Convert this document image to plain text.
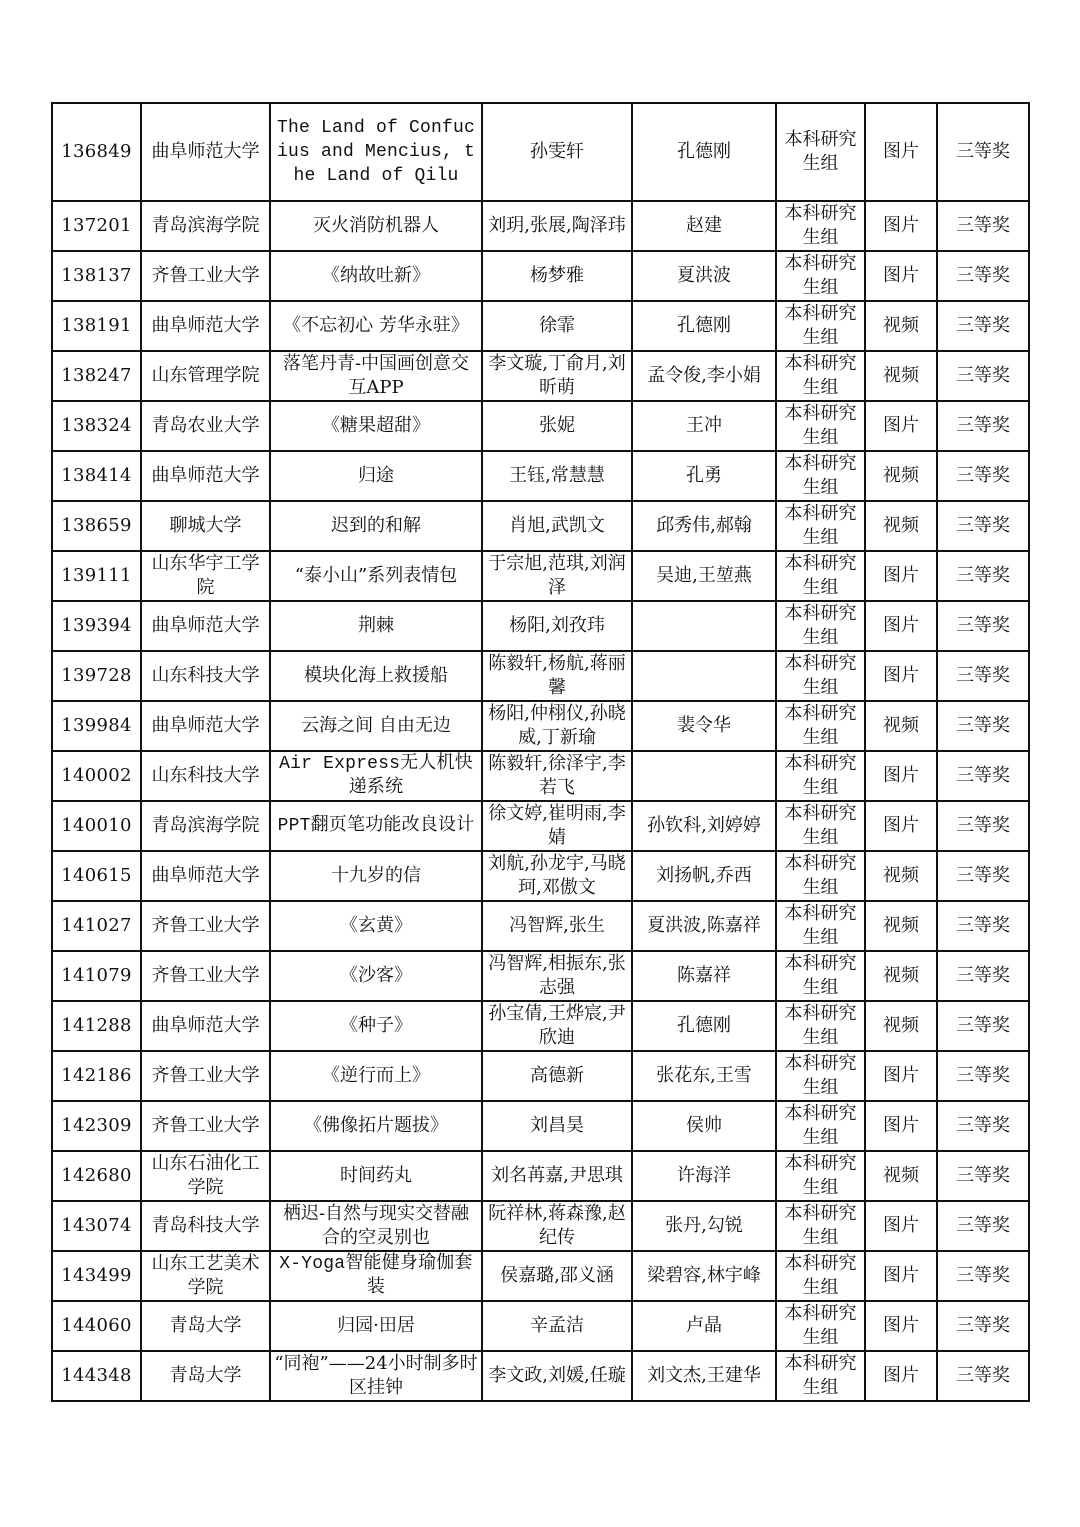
136849	曲阜师范大学	The Land of Confucius and Mencius, the Land of Qilu	孙雯轩	孔德刚	本科研究生组	图片	三等奖
137201	青岛滨海学院	灭火消防机器人	刘玥,张展,陶泽玮	赵建	本科研究生组	图片	三等奖
138137	齐鲁工业大学	《纳故吐新》	杨梦雅	夏洪波	本科研究生组	图片	三等奖
138191	曲阜师范大学	《不忘初心 芳华永驻》	徐霏	孔德刚	本科研究生组	视频	三等奖
138247	山东管理学院	落笔丹青-中国画创意交互APP	李文璇,丁俞月,刘昕萌	孟令俊,李小娟	本科研究生组	视频	三等奖
138324	青岛农业大学	《糖果超甜》	张妮	王冲	本科研究生组	图片	三等奖
138414	曲阜师范大学	归途	王钰,常慧慧	孔勇	本科研究生组	视频	三等奖
138659	聊城大学	迟到的和解	肖旭,武凯文	邱秀伟,郝翰	本科研究生组	视频	三等奖
139111	山东华宇工学院	“泰小山”系列表情包	于宗旭,范琪,刘润泽	吴迪,王堃燕	本科研究生组	图片	三等奖
139394	曲阜师范大学	荆棘	杨阳,刘孜玮		本科研究生组	图片	三等奖
139728	山东科技大学	模块化海上救援船	陈毅轩,杨航,蒋丽馨		本科研究生组	图片	三等奖
139984	曲阜师范大学	云海之间 自由无边	杨阳,仲栩仪,孙晓威,丁新瑜	裴令华	本科研究生组	视频	三等奖
140002	山东科技大学	Air Express无人机快递系统	陈毅轩,徐泽宇,李若飞		本科研究生组	图片	三等奖
140010	青岛滨海学院	PPT翻页笔功能改良设计	徐文婷,崔明雨,李婧	孙钦科,刘婷婷	本科研究生组	图片	三等奖
140615	曲阜师范大学	十九岁的信	刘航,孙龙宇,马晓珂,邓傲文	刘扬帆,乔西	本科研究生组	视频	三等奖
141027	齐鲁工业大学	《玄黄》	冯智辉,张生	夏洪波,陈嘉祥	本科研究生组	视频	三等奖
141079	齐鲁工业大学	《沙客》	冯智辉,相振东,张志强	陈嘉祥	本科研究生组	视频	三等奖
141288	曲阜师范大学	《种子》	孙宝倩,王烨宸,尹欣迪	孔德刚	本科研究生组	视频	三等奖
142186	齐鲁工业大学	《逆行而上》	高德新	张花东,王雪	本科研究生组	图片	三等奖
142309	齐鲁工业大学	《佛像拓片题拔》	刘昌昊	侯帅	本科研究生组	图片	三等奖
142680	山东石油化工学院	时间药丸	刘名苒嘉,尹思琪	许海洋	本科研究生组	视频	三等奖
143074	青岛科技大学	栖迟-自然与现实交替融合的空灵别也	阮祥林,蒋森豫,赵纪传	张丹,勾锐	本科研究生组	图片	三等奖
143499	山东工艺美术学院	X-Yoga智能健身瑜伽套装	侯嘉璐,邵义涵	梁碧容,林宇峰	本科研究生组	图片	三等奖
144060	青岛大学	归园·田居	辛孟洁	卢晶	本科研究生组	图片	三等奖
144348	青岛大学	“同袍”——24小时制多时区挂钟	李文政,刘媛,任璇	刘文杰,王建华	本科研究生组	图片	三等奖
